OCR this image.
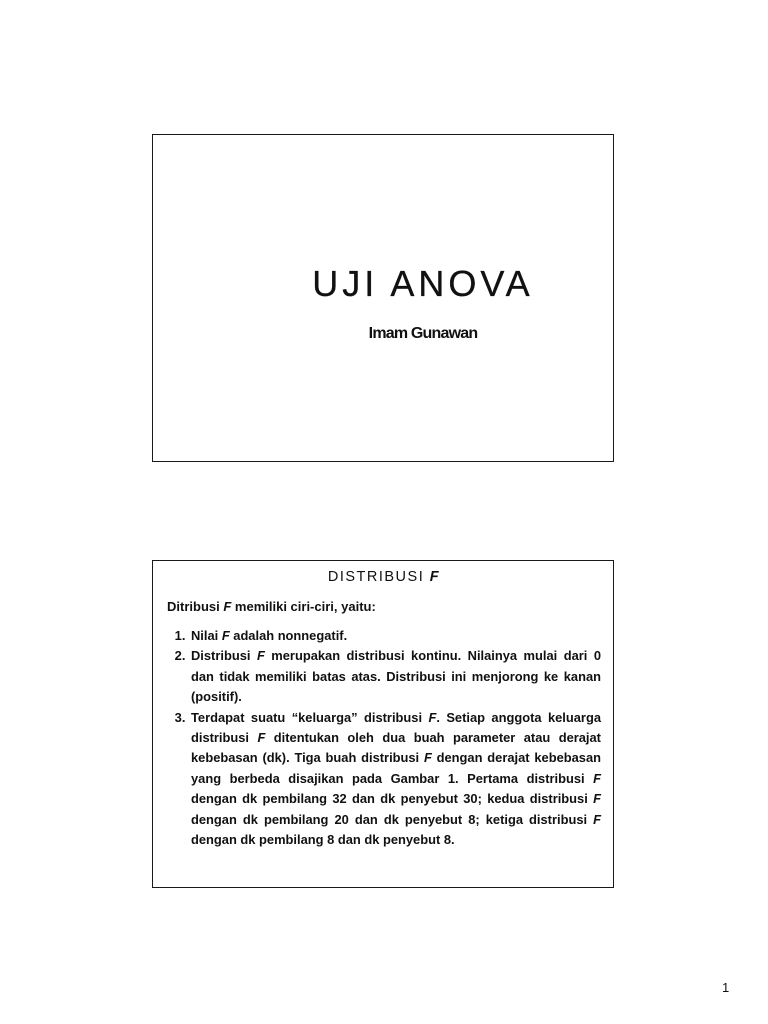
UJI ANOVA
Imam Gunawan
DISTRIBUSI F

Ditribusi F memiliki ciri-ciri, yaitu:

1. Nilai F adalah nonnegatif.
2. Distribusi F merupakan distribusi kontinu. Nilainya mulai dari 0 dan tidak memiliki batas atas. Distribusi ini menjorong ke kanan (positif).
3. Terdapat suatu “keluarga” distribusi F. Setiap anggota keluarga distribusi F ditentukan oleh dua buah parameter atau derajat kebebasan (dk). Tiga buah distribusi F dengan derajat kebebasan yang berbeda disajikan pada Gambar 1. Pertama distribusi F dengan dk pembilang 32 dan dk penyebut 30; kedua distribusi F dengan dk pembilang 20 dan dk penyebut 8; ketiga distribusi F dengan dk pembilang 8 dan dk penyebut 8.
1
